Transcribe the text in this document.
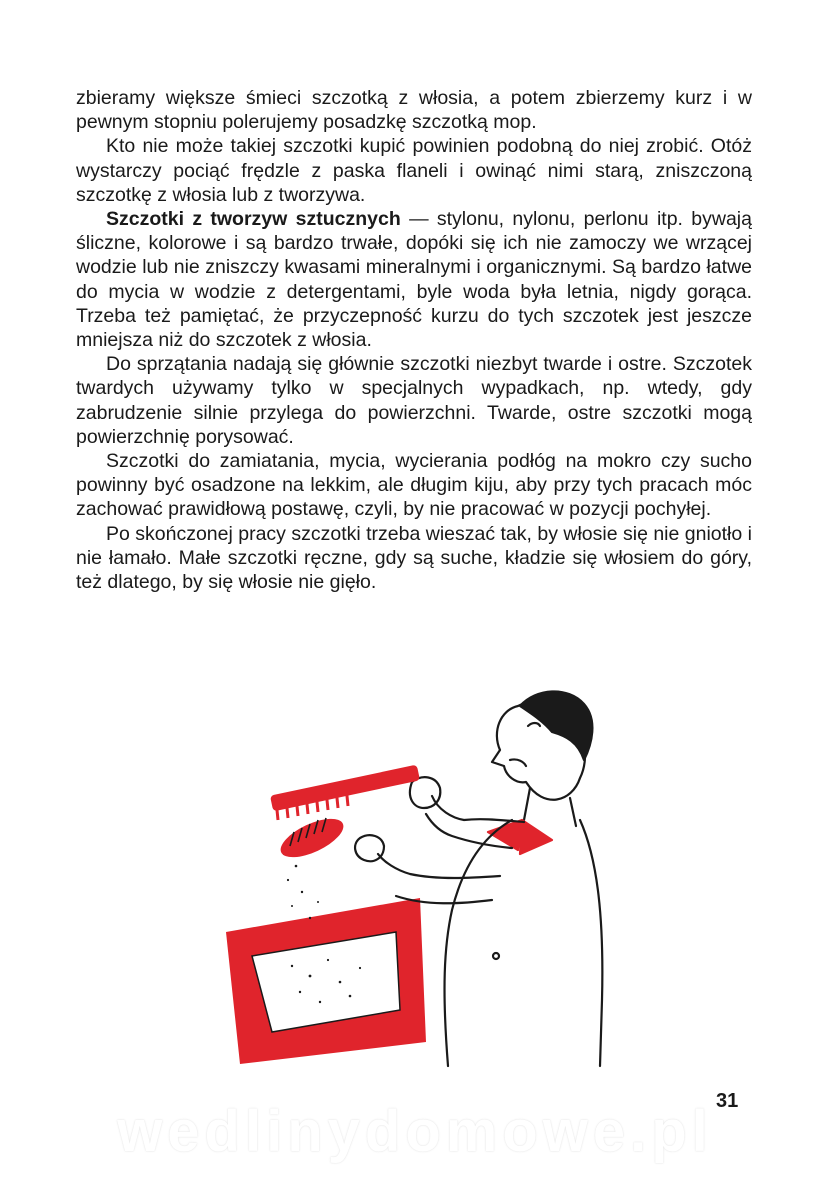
zbieramy większe śmieci szczotką z włosia, a potem zbierzemy kurz i w pewnym stopniu polerujemy posadzkę szczotką mop.

Kto nie może takiej szczotki kupić powinien podobną do niej zrobić. Otóż wystarczy pociąć frędzle z paska flaneli i owinąć nimi starą, zniszczoną szczotkę z włosia lub z tworzywa.

Szczotki z tworzyw sztucznych — stylonu, nylonu, perlonu itp. bywają śliczne, kolorowe i są bardzo trwałe, dopóki się ich nie zamoczy we wrzącej wodzie lub nie zniszczy kwasami mineralnymi i organicznymi. Są bardzo łatwe do mycia w wodzie z detergentami, byle woda była letnia, nigdy gorąca. Trzeba też pamiętać, że przyczepność kurzu do tych szczotek jest jeszcze mniejsza niż do szczotek z włosia.

Do sprzątania nadają się głównie szczotki niezbyt twarde i ostre. Szczotek twardych używamy tylko w specjalnych wypadkach, np. wtedy, gdy zabrudzenie silnie przylega do powierzchni. Twarde, ostre szczotki mogą powierzchnię porysować.

Szczotki do zamiatania, mycia, wycierania podłóg na mokro czy sucho powinny być osadzone na lekkim, ale długim kiju, aby przy tych pracach móc zachować prawidłową postawę, czyli, by nie pracować w pozycji pochyłej.

Po skończonej pracy szczotki trzeba wieszać tak, by włosie się nie gniotło i nie łamało. Małe szczotki ręczne, gdy są suche, kładzie się włosiem do góry, też dlatego, by się włosie nie gięło.

31
wedlinydomowe.pl
